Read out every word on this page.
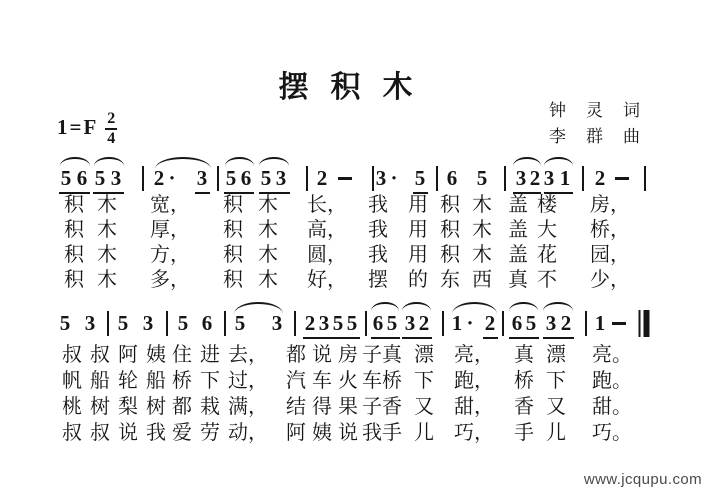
摆积木
$1=F \frac{2}{4}$	钟灵词
李群曲
5 6 5 3 2 · 3 5 6 5 3 2 3 · 5 6 5 3 2 3 1 2
积 木 宽， 积 木 长， 我 用 积 木 盖 楼 房，
积 木 厚， 积 木 高， 我 用 积 木 盖 大 桥，
积 木 方， 积 木 圆， 我 用 积 木 盖 花 园，
积 木 多， 积 木 好， 摆 的 东 西 真 不 少，
5 3 5 3 5 6 5 3 2 3 5 5 6 5 3 2 1 · 2 6 5 3 2 1
叔 叔 阿 姨 住 进 去， 都 说 房 子 真 漂 亮， 真 漂 亮。
帆 船 轮 船 桥 下 过， 汽 车 火 车 桥 下 跑， 桥 下 跑。
桃 树 梨 树 都 栽 满， 结 得 果 子 香 又 甜， 香 又 甜。
叔 叔 说 我 爱 劳 动， 阿 姨 说 我 手 儿 巧， 手 儿 巧。
www.jcqupu.com
